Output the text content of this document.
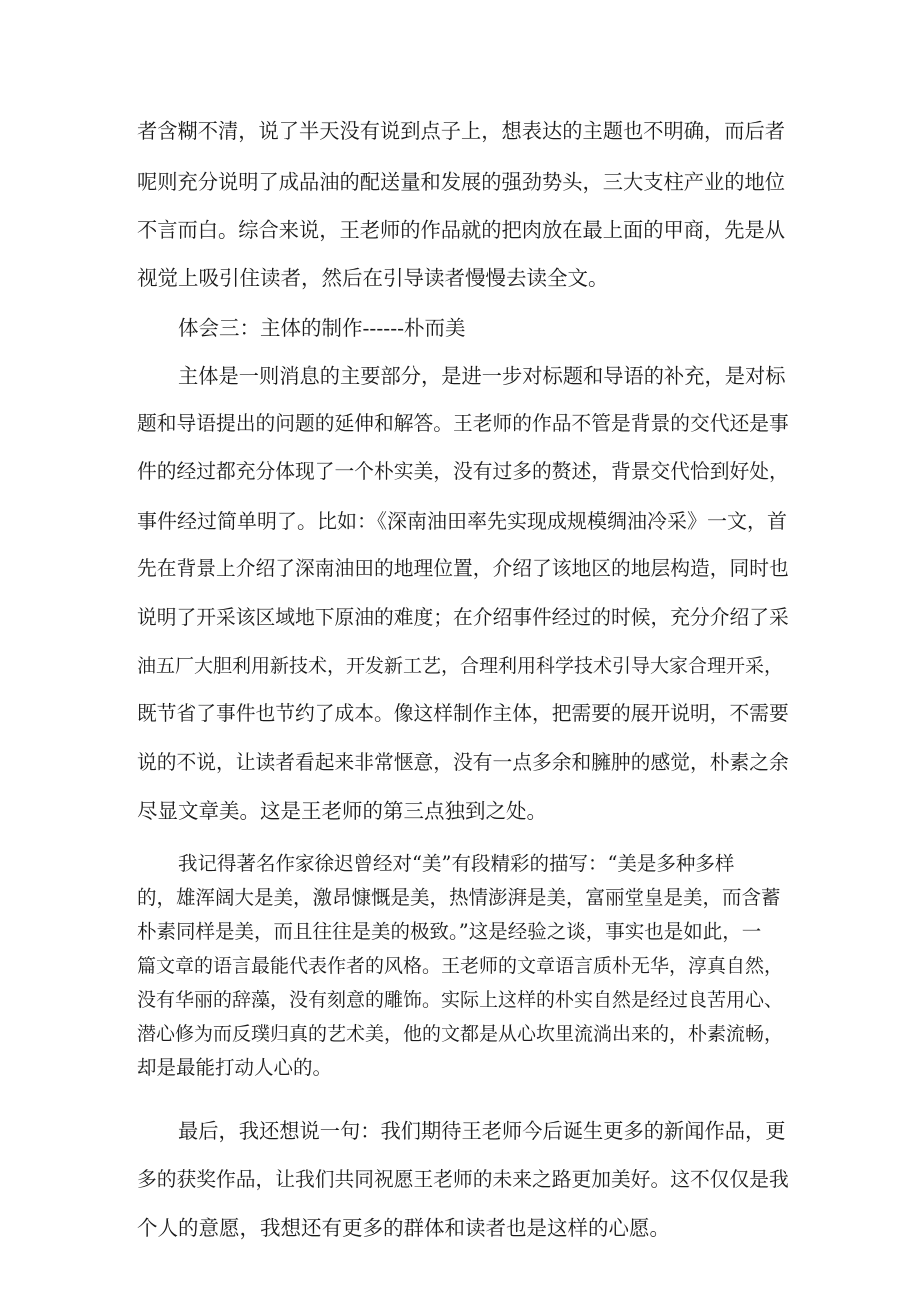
者含糊不清，说了半天没有说到点子上，想表达的主题也不明确，而后者
呢则充分说明了成品油的配送量和发展的强劲势头，三大支柱产业的地位
不言而白。综合来说，王老师的作品就的把肉放在最上面的甲商，先是从
视觉上吸引住读者，然后在引导读者慢慢去读全文。
体会三：主体的制作------朴而美
主体是一则消息的主要部分，是进一步对标题和导语的补充，是对标
题和导语提出的问题的延伸和解答。王老师的作品不管是背景的交代还是事
件的经过都充分体现了一个朴实美，没有过多的赘述，背景交代恰到好处，
事件经过简单明了。比如：《深南油田率先实现成规模绸油冷采》一文，首
先在背景上介绍了深南油田的地理位置，介绍了该地区的地层构造，同时也
说明了开采该区域地下原油的难度；在介绍事件经过的时候，充分介绍了采
油五厂大胆利用新技术，开发新工艺，合理利用科学技术引导大家合理开采，
既节省了事件也节约了成本。像这样制作主体，把需要的展开说明，不需要
说的不说，让读者看起来非常惬意，没有一点多余和臃肿的感觉，朴素之余
尽显文章美。这是王老师的第三点独到之处。
我记得著名作家徐迟曾经对“美”有段精彩的描写：“美是多种多样
的，雄浑阔大是美，激昂慷慨是美，热情澎湃是美，富丽堂皇是美，而含蓄
朴素同样是美，而且往往是美的极致。”这是经验之谈，事实也是如此，一
篇文章的语言最能代表作者的风格。王老师的文章语言质朴无华，淳真自然，
没有华丽的辞藻，没有刻意的雕饰。实际上这样的朴实自然是经过良苦用心、
潜心修为而反璞归真的艺术美，他的文都是从心坎里流淌出来的，朴素流畅，
却是最能打动人心的。
最后，我还想说一句：我们期待王老师今后诞生更多的新闻作品，更
多的获奖作品，让我们共同祝愿王老师的未来之路更加美好。这不仅仅是我
个人的意愿，我想还有更多的群体和读者也是这样的心愿。
